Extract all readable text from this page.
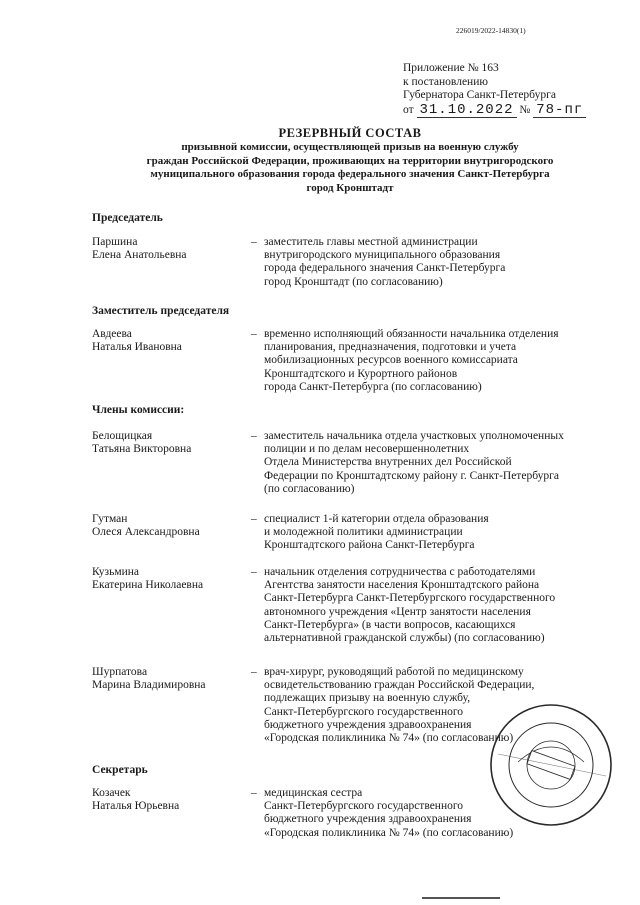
226019/2022-14830(1)
Приложение № 163
к постановлению
Губернатора Санкт-Петербурга
от 31.10.2022 № 78-пг
РЕЗЕРВНЫЙ СОСТАВ
призывной комиссии, осуществляющей призыв на военную службу
граждан Российской Федерации, проживающих на территории внутригородского
муниципального образования города федерального значения Санкт-Петербурга
город Кронштадт
Председатель
Паршина
Елена Анатольевна
– заместитель главы местной администрации
внутригородского муниципального образования
города федерального значения Санкт-Петербурга
город Кронштадт (по согласованию)
Заместитель председателя
Авдеева
Наталья Ивановна
– временно исполняющий обязанности начальника отделения
планирования, предназначения, подготовки и учета
мобилизационных ресурсов военного комиссариата
Кронштадтского и Курортного районов
города Санкт-Петербурга (по согласованию)
Члены комиссии:
Белощицкая
Татьяна Викторовна
– заместитель начальника отдела участковых уполномоченных
полиции и по делам несовершеннолетних
Отдела Министерства внутренних дел Российской
Федерации по Кронштадтскому району г. Санкт-Петербурга
(по согласованию)
Гутман
Олеся Александровна
– специалист 1-й категории отдела образования
и молодежной политики администрации
Кронштадтского района Санкт-Петербурга
Кузьмина
Екатерина Николаевна
– начальник отделения сотрудничества с работодателями
Агентства занятости населения Кронштадтского района
Санкт-Петербурга Санкт-Петербургского государственного
автономного учреждения «Центр занятости населения
Санкт-Петербурга» (в части вопросов, касающихся
альтернативной гражданской службы) (по согласованию)
Шурпатова
Марина Владимировна
– врач-хирург, руководящий работой по медицинскому
освидетельствованию граждан Российской Федерации,
подлежащих призыву на военную службу,
Санкт-Петербургского государственного
бюджетного учреждения здравоохранения
«Городская поликлиника № 74» (по согласованию)
Секретарь
Козачек
Наталья Юрьевна
– медицинская сестра
Санкт-Петербургского государственного
бюджетного учреждения здравоохранения
«Городская поликлиника № 74» (по согласованию)
